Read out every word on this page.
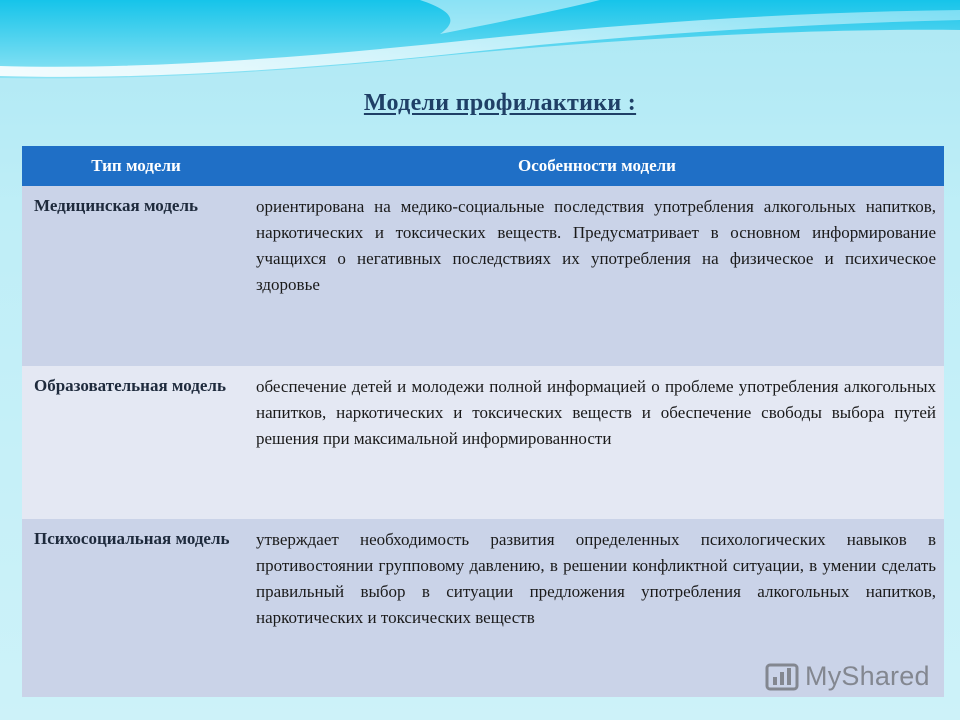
Модели профилактики :
Тип модели	Особенности модели
Медицинская модель	ориентирована на медико-социальные последствия употребления алкогольных напитков, наркотических и токсических веществ. Предусматривает в основном информирование учащихся о негативных последствиях их употребления на физическое и психическое здоровье
Образовательная модель	обеспечение детей и молодежи полной информацией о проблеме употребления алкогольных напитков, наркотических и токсических веществ и обеспечение свободы выбора путей решения при максимальной информированности
Психосоциальная модель	утверждает необходимость развития определенных психологических навыков в противостоянии групповому давлению, в решении конфликтной ситуации, в умении сделать правильный выбор в ситуации предложения употребления алкогольных напитков, наркотических и токсических веществ
MyShared
